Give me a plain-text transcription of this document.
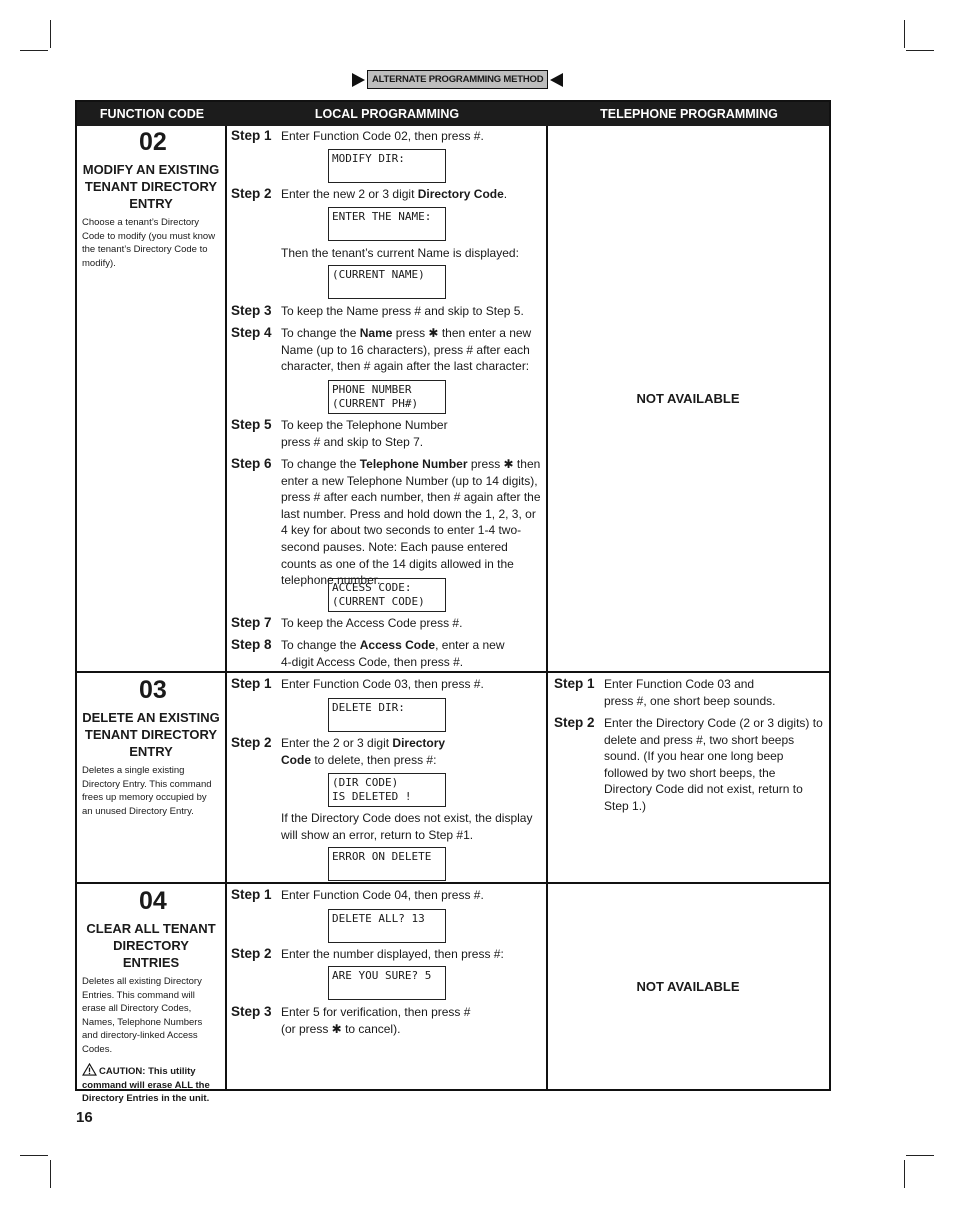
ALTERNATE PROGRAMMING METHOD
FUNCTION CODE	LOCAL PROGRAMMING	TELEPHONE PROGRAMMING
02
MODIFY AN EXISTING TENANT DIRECTORY ENTRY
Choose a tenant’s Directory Code to modify (you must know the tenant’s Directory Code to modify).
Step 1 Enter Function Code 02, then press #.
MODIFY DIR:
Step 2 Enter the new 2 or 3 digit Directory Code.
ENTER THE NAME:
Then the tenant’s current Name is displayed:
(CURRENT NAME)
Step 3 To keep the Name press # and skip to Step 5.
Step 4 To change the Name press ✱ then enter a new Name (up to 16 characters), press # after each character, then # again after the last character:
PHONE NUMBER
(CURRENT PH#)
Step 5 To keep the Telephone Number press # and skip to Step 7.
Step 6 To change the Telephone Number press ✱ then enter a new Telephone Number (up to 14 digits), press # after each number, then # again after the last number. Press and hold down the 1, 2, 3, or 4 key for about two seconds to enter 1-4 two-second pauses. Note: Each pause entered counts as one of the 14 digits allowed in the telephone number.
ACCESS CODE:
(CURRENT CODE)
Step 7 To keep the Access Code press #.
Step 8 To change the Access Code, enter a new 4-digit Access Code, then press #.
NOT AVAILABLE
03
DELETE AN EXISTING TENANT DIRECTORY ENTRY
Deletes a single existing Directory Entry. This command frees up memory occupied by an unused Directory Entry.
Step 1 Enter Function Code 03, then press #.
DELETE DIR:
Step 2 Enter the 2 or 3 digit Directory Code to delete, then press #:
(DIR CODE)
IS DELETED !
If the Directory Code does not exist, the display will show an error, return to Step #1.
ERROR ON DELETE
Step 1 Enter Function Code 03 and press #, one short beep sounds.
Step 2 Enter the Directory Code (2 or 3 digits) to delete and press #, two short beeps sound. (If you hear one long beep followed by two short beeps, the Directory Code did not exist, return to Step 1.)
04
CLEAR ALL TENANT DIRECTORY ENTRIES
Deletes all existing Directory Entries. This command will erase all Directory Codes, Names, Telephone Numbers and directory-linked Access Codes.
CAUTION: This utility command will erase ALL the Directory Entries in the unit.
Step 1 Enter Function Code 04, then press #.
DELETE ALL? 13
Step 2 Enter the number displayed, then press #:
ARE YOU SURE? 5
Step 3 Enter 5 for verification, then press # (or press ✱ to cancel).
NOT AVAILABLE
16
